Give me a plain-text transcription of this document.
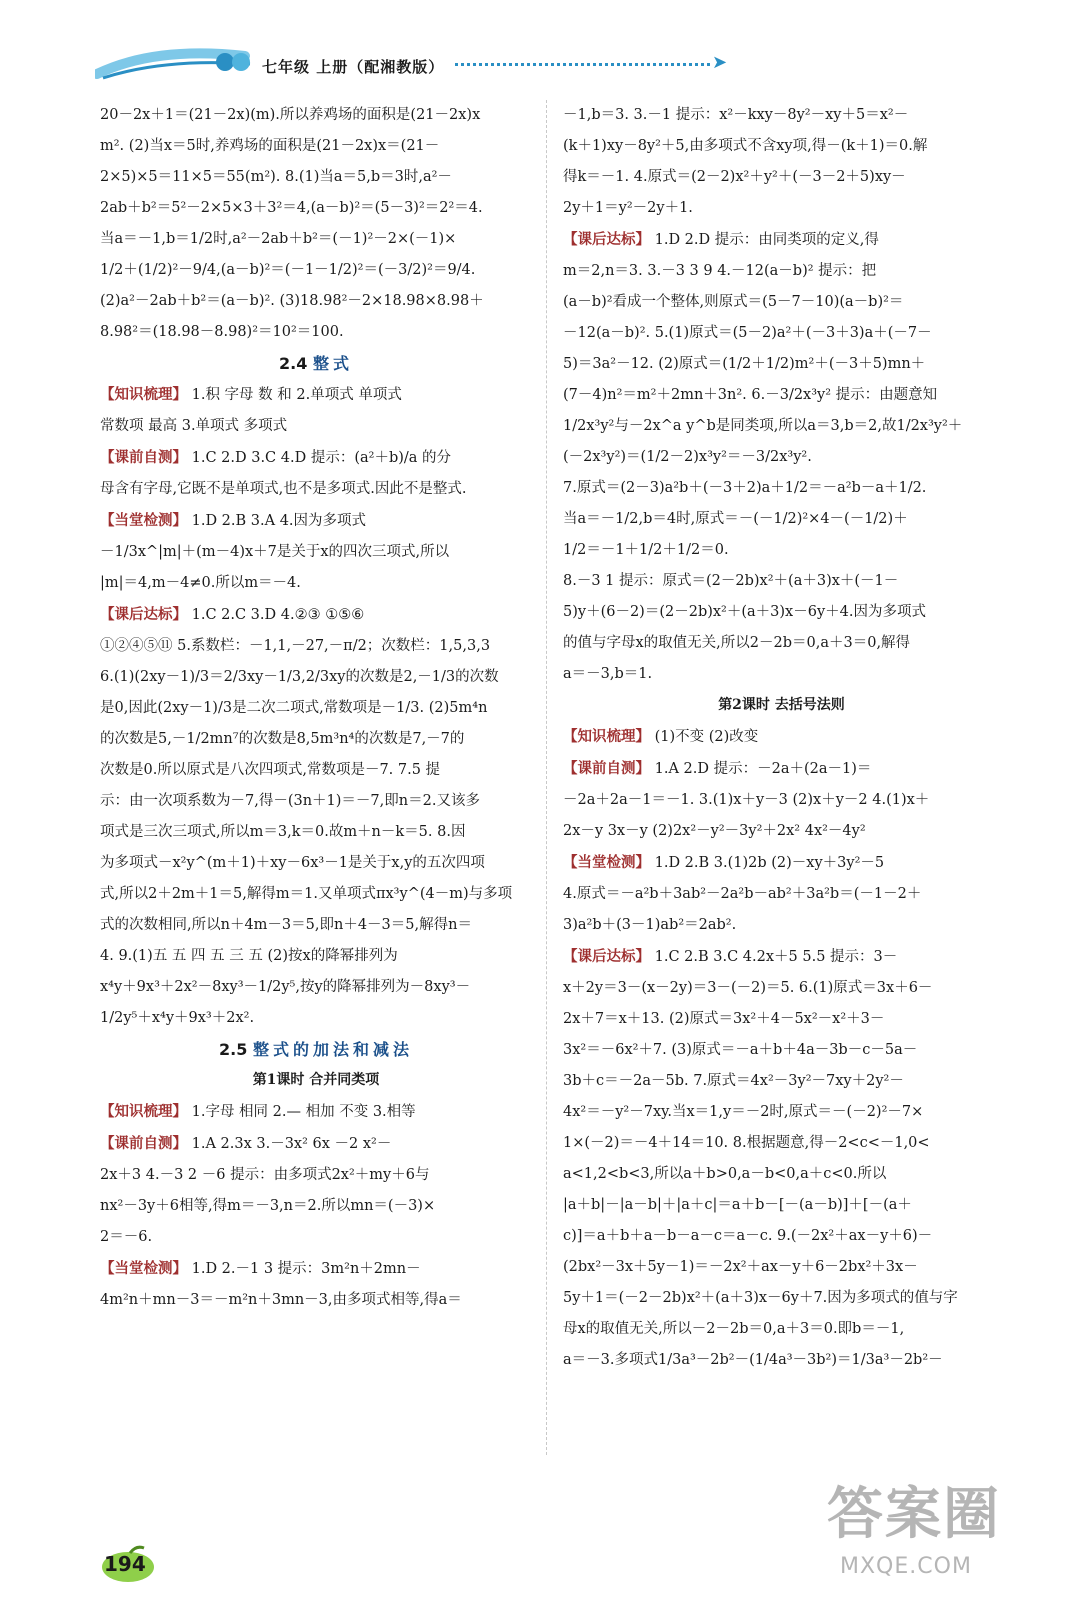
七年级 上册（配湘教版）	➤
20－2x＋1＝(21－2x)(m).所以养鸡场的面积是(21－2x)x
m². (2)当x＝5时,养鸡场的面积是(21－2x)x＝(21－
2×5)×5＝11×5＝55(m²). 8.(1)当a＝5,b＝3时,a²－
2ab＋b²＝5²－2×5×3＋3²＝4,(a－b)²＝(5－3)²＝2²＝4.
当a＝－1,b＝1/2时,a²－2ab＋b²＝(－1)²－2×(－1)×
1/2＋(1/2)²－9/4,(a－b)²＝(－1－1/2)²＝(－3/2)²＝9/4.
(2)a²－2ab＋b²＝(a－b)². (3)18.98²－2×18.98×8.98＋
8.98²＝(18.98－8.98)²＝10²＝100.
2.4 整式
【知识梳理】 1.积 字母 数 和 2.单项式 单项式
常数项 最高 3.单项式 多项式
【课前自测】 1.C 2.D 3.C 4.D 提示：(a²＋b)/a 的分
母含有字母,它既不是单项式,也不是多项式.因此不是整式.
【当堂检测】 1.D 2.B 3.A 4.因为多项式
－1/3x^|m|＋(m－4)x＋7是关于x的四次三项式,所以
|m|＝4,m－4≠0.所以m＝－4.
【课后达标】 1.C 2.C 3.D 4.②③ ①⑤⑥
①②④⑤⑪ 5.系数栏：－1,1,－27,－π/2；次数栏：1,5,3,3
6.(1)(2xy－1)/3＝2/3xy－1/3,2/3xy的次数是2,－1/3的次数
是0,因此(2xy－1)/3是二次二项式,常数项是－1/3. (2)5m⁴n
的次数是5,－1/2mn⁷的次数是8,5m³n⁴的次数是7,－7的
次数是0.所以原式是八次四项式,常数项是－7. 7.5 提
示：由一次项系数为－7,得－(3n＋1)＝－7,即n＝2.又该多
项式是三次三项式,所以m＝3,k＝0.故m＋n－k＝5. 8.因
为多项式－x²y^(m＋1)＋xy－6x³－1是关于x,y的五次四项
式,所以2＋2m＋1＝5,解得m＝1.又单项式πx³y^(4－m)与多项
式的次数相同,所以n＋4m－3＝5,即n＋4－3＝5,解得n＝
4. 9.(1)五 五 四 五 三 五 (2)按x的降幂排列为
x⁴y＋9x³＋2x²－8xy³－1/2y⁵,按y的降幂排列为－8xy³－
1/2y⁵＋x⁴y＋9x³＋2x².
2.5 整式的加法和减法
第1课时 合并同类项
【知识梳理】 1.字母 相同 2.— 相加 不变 3.相等
【课前自测】 1.A 2.3x 3.－3x² 6x －2 x²－
2x＋3 4.－3 2 －6 提示：由多项式2x²＋my＋6与
nx²－3y＋6相等,得m＝－3,n＝2.所以mn＝(－3)×
2＝－6.
【当堂检测】 1.D 2.－1 3 提示：3m²n＋2mn－
4m²n＋mn－3＝－m²n＋3mn－3,由多项式相等,得a＝
－1,b＝3. 3.－1 提示：x²－kxy－8y²－xy＋5＝x²－
(k＋1)xy－8y²＋5,由多项式不含xy项,得－(k＋1)＝0.解
得k＝－1. 4.原式＝(2－2)x²＋y²＋(－3－2＋5)xy－
2y＋1＝y²－2y＋1.
【课后达标】 1.D 2.D 提示：由同类项的定义,得
m＝2,n＝3. 3.－3 3 9 4.－12(a－b)² 提示：把
(a－b)²看成一个整体,则原式＝(5－7－10)(a－b)²＝
－12(a－b)². 5.(1)原式＝(5－2)a²＋(－3＋3)a＋(－7－
5)＝3a²－12. (2)原式＝(1/2＋1/2)m²＋(－3＋5)mn＋
(7－4)n²＝m²＋2mn＋3n². 6.－3/2x³y² 提示：由题意知
1/2x³y²与－2x^a y^b是同类项,所以a＝3,b＝2,故1/2x³y²＋
(－2x³y²)＝(1/2－2)x³y²＝－3/2x³y².
7.原式＝(2－3)a²b＋(－3＋2)a＋1/2＝－a²b－a＋1/2.
当a＝－1/2,b＝4时,原式＝－(－1/2)²×4－(－1/2)＋
1/2＝－1＋1/2＋1/2＝0.
8.－3 1 提示：原式＝(2－2b)x²＋(a＋3)x＋(－1－
5)y＋(6－2)＝(2－2b)x²＋(a＋3)x－6y＋4.因为多项式
的值与字母x的取值无关,所以2－2b＝0,a＋3＝0,解得
a＝－3,b＝1.
第2课时 去括号法则
【知识梳理】 (1)不变 (2)改变
【课前自测】 1.A 2.D 提示：－2a＋(2a－1)＝
－2a＋2a－1＝－1. 3.(1)x＋y－3 (2)x＋y－2 4.(1)x＋
2x－y 3x－y (2)2x²－y²－3y²＋2x² 4x²－4y²
【当堂检测】 1.D 2.B 3.(1)2b (2)－xy＋3y²－5
4.原式＝－a²b＋3ab²－2a²b－ab²＋3a²b＝(－1－2＋
3)a²b＋(3－1)ab²＝2ab².
【课后达标】 1.C 2.B 3.C 4.2x＋5 5.5 提示：3－
x＋2y＝3－(x－2y)＝3－(－2)＝5. 6.(1)原式＝3x＋6－
2x＋7＝x＋13. (2)原式＝3x²＋4－5x²－x²＋3－
3x²＝－6x²＋7. (3)原式＝－a＋b＋4a－3b－c－5a－
3b＋c＝－2a－5b. 7.原式＝4x²－3y²－7xy＋2y²－
4x²＝－y²－7xy.当x＝1,y＝－2时,原式＝－(－2)²－7×
1×(－2)＝－4＋14＝10. 8.根据题意,得－2<c<－1,0<
a<1,2<b<3,所以a＋b>0,a－b<0,a＋c<0.所以
|a＋b|－|a－b|＋|a＋c|＝a＋b－[－(a－b)]＋[－(a＋
c)]＝a＋b＋a－b－a－c＝a－c. 9.(－2x²＋ax－y＋6)－
(2bx²－3x＋5y－1)＝－2x²＋ax－y＋6－2bx²＋3x－
5y＋1＝(－2－2b)x²＋(a＋3)x－6y＋7.因为多项式的值与字
母x的取值无关,所以－2－2b＝0,a＋3＝0.即b＝－1,
a＝－3.多项式1/3a³－2b²－(1/4a³－3b²)＝1/3a³－2b²－
194
答案圈
MXQE.COM
